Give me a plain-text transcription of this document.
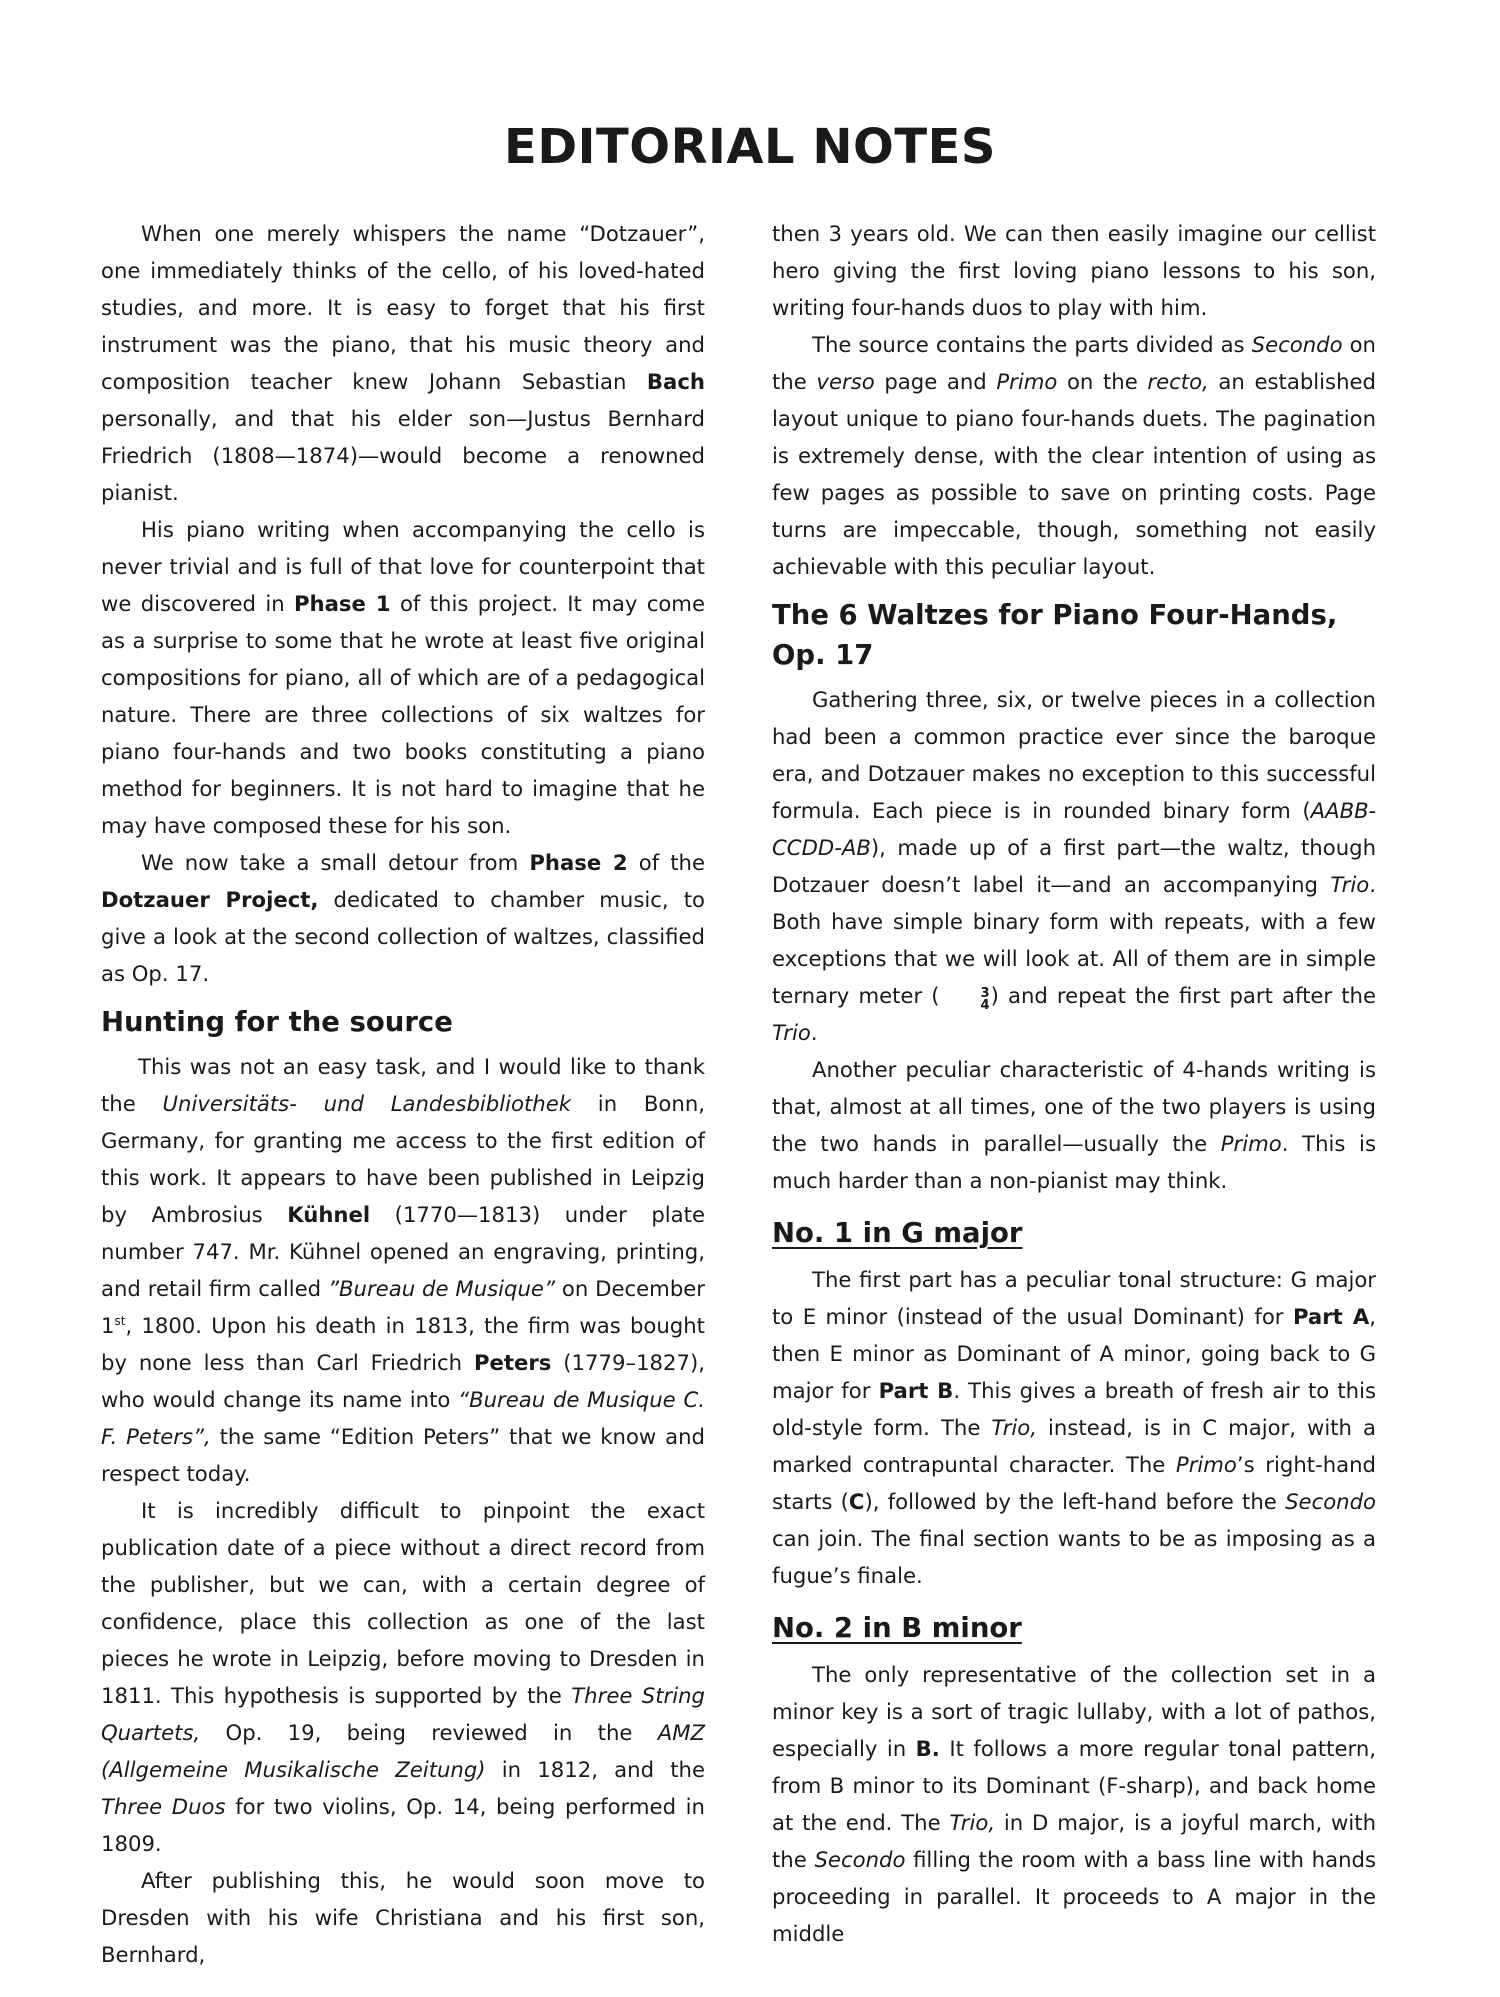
EDITORIAL NOTES

When one merely whispers the name “Dotzauer”, one immediately thinks of the cello, of his loved-hated studies, and more. It is easy to forget that his first instrument was the piano, that his music theory and composition teacher knew Johann Sebastian Bach personally, and that his elder son—Justus Bernhard Friedrich (1808—1874)—would become a renowned pianist.

His piano writing when accompanying the cello is never trivial and is full of that love for counterpoint that we discovered in Phase 1 of this project. It may come as a surprise to some that he wrote at least five original compositions for piano, all of which are of a pedagogical nature. There are three collections of six waltzes for piano four-hands and two books constituting a piano method for beginners. It is not hard to imagine that he may have composed these for his son.

We now take a small detour from Phase 2 of the Dotzauer Project, dedicated to chamber music, to give a look at the second collection of waltzes, classified as Op. 17.

Hunting for the source

This was not an easy task, and I would like to thank the Universitäts- und Landesbibliothek in Bonn, Germany, for granting me access to the first edition of this work. It appears to have been published in Leipzig by Ambrosius Kühnel (1770—1813) under plate number 747. Mr. Kühnel opened an engraving, printing, and retail firm called ”Bureau de Musique” on December 1st, 1800. Upon his death in 1813, the firm was bought by none less than Carl Friedrich Peters (1779–1827), who would change its name into “Bureau de Musique C. F. Peters”, the same “Edition Peters” that we know and respect today.

It is incredibly difficult to pinpoint the exact publication date of a piece without a direct record from the publisher, but we can, with a certain degree of confidence, place this collection as one of the last pieces he wrote in Leipzig, before moving to Dresden in 1811. This hypothesis is supported by the Three String Quartets, Op. 19, being reviewed in the AMZ (Allgemeine Musikalische Zeitung) in 1812, and the Three Duos for two violins, Op. 14, being performed in 1809.

After publishing this, he would soon move to Dresden with his wife Christiana and his first son, Bernhard,

then 3 years old. We can then easily imagine our cellist hero giving the first loving piano lessons to his son, writing four-hands duos to play with him.

The source contains the parts divided as Secondo on the verso page and Primo on the recto, an established layout unique to piano four-hands duets. The pagination is extremely dense, with the clear intention of using as few pages as possible to save on printing costs. Page turns are impeccable, though, something not easily achievable with this peculiar layout.

The 6 Waltzes for Piano Four-Hands, Op. 17

Gathering three, six, or twelve pieces in a collection had been a common practice ever since the baroque era, and Dotzauer makes no exception to this successful formula. Each piece is in rounded binary form (AABB-CCDD-AB), made up of a first part—the waltz, though Dotzauer doesn’t label it—and an accompanying Trio. Both have simple binary form with repeats, with a few exceptions that we will look at. All of them are in simple ternary meter (	3
4 ) and repeat the first part after the Trio.

Another peculiar characteristic of 4-hands writing is that, almost at all times, one of the two players is using the two hands in parallel—usually the Primo. This is much harder than a non-pianist may think.

No. 1 in G major

The first part has a peculiar tonal structure: G major to E minor (instead of the usual Dominant) for Part A, then E minor as Dominant of A minor, going back to G major for Part B. This gives a breath of fresh air to this old-style form. The Trio, instead, is in C major, with a marked contrapuntal character. The Primo’s right-hand starts (C), followed by the left-hand before the Secondo can join. The final section wants to be as imposing as a fugue’s finale.

No. 2 in B minor

The only representative of the collection set in a minor key is a sort of tragic lullaby, with a lot of pathos, especially in B. It follows a more regular tonal pattern, from B minor to its Dominant (F-sharp), and back home at the end. The Trio, in D major, is a joyful march, with the Secondo filling the room with a bass line with hands proceeding in parallel. It proceeds to A major in the middle
